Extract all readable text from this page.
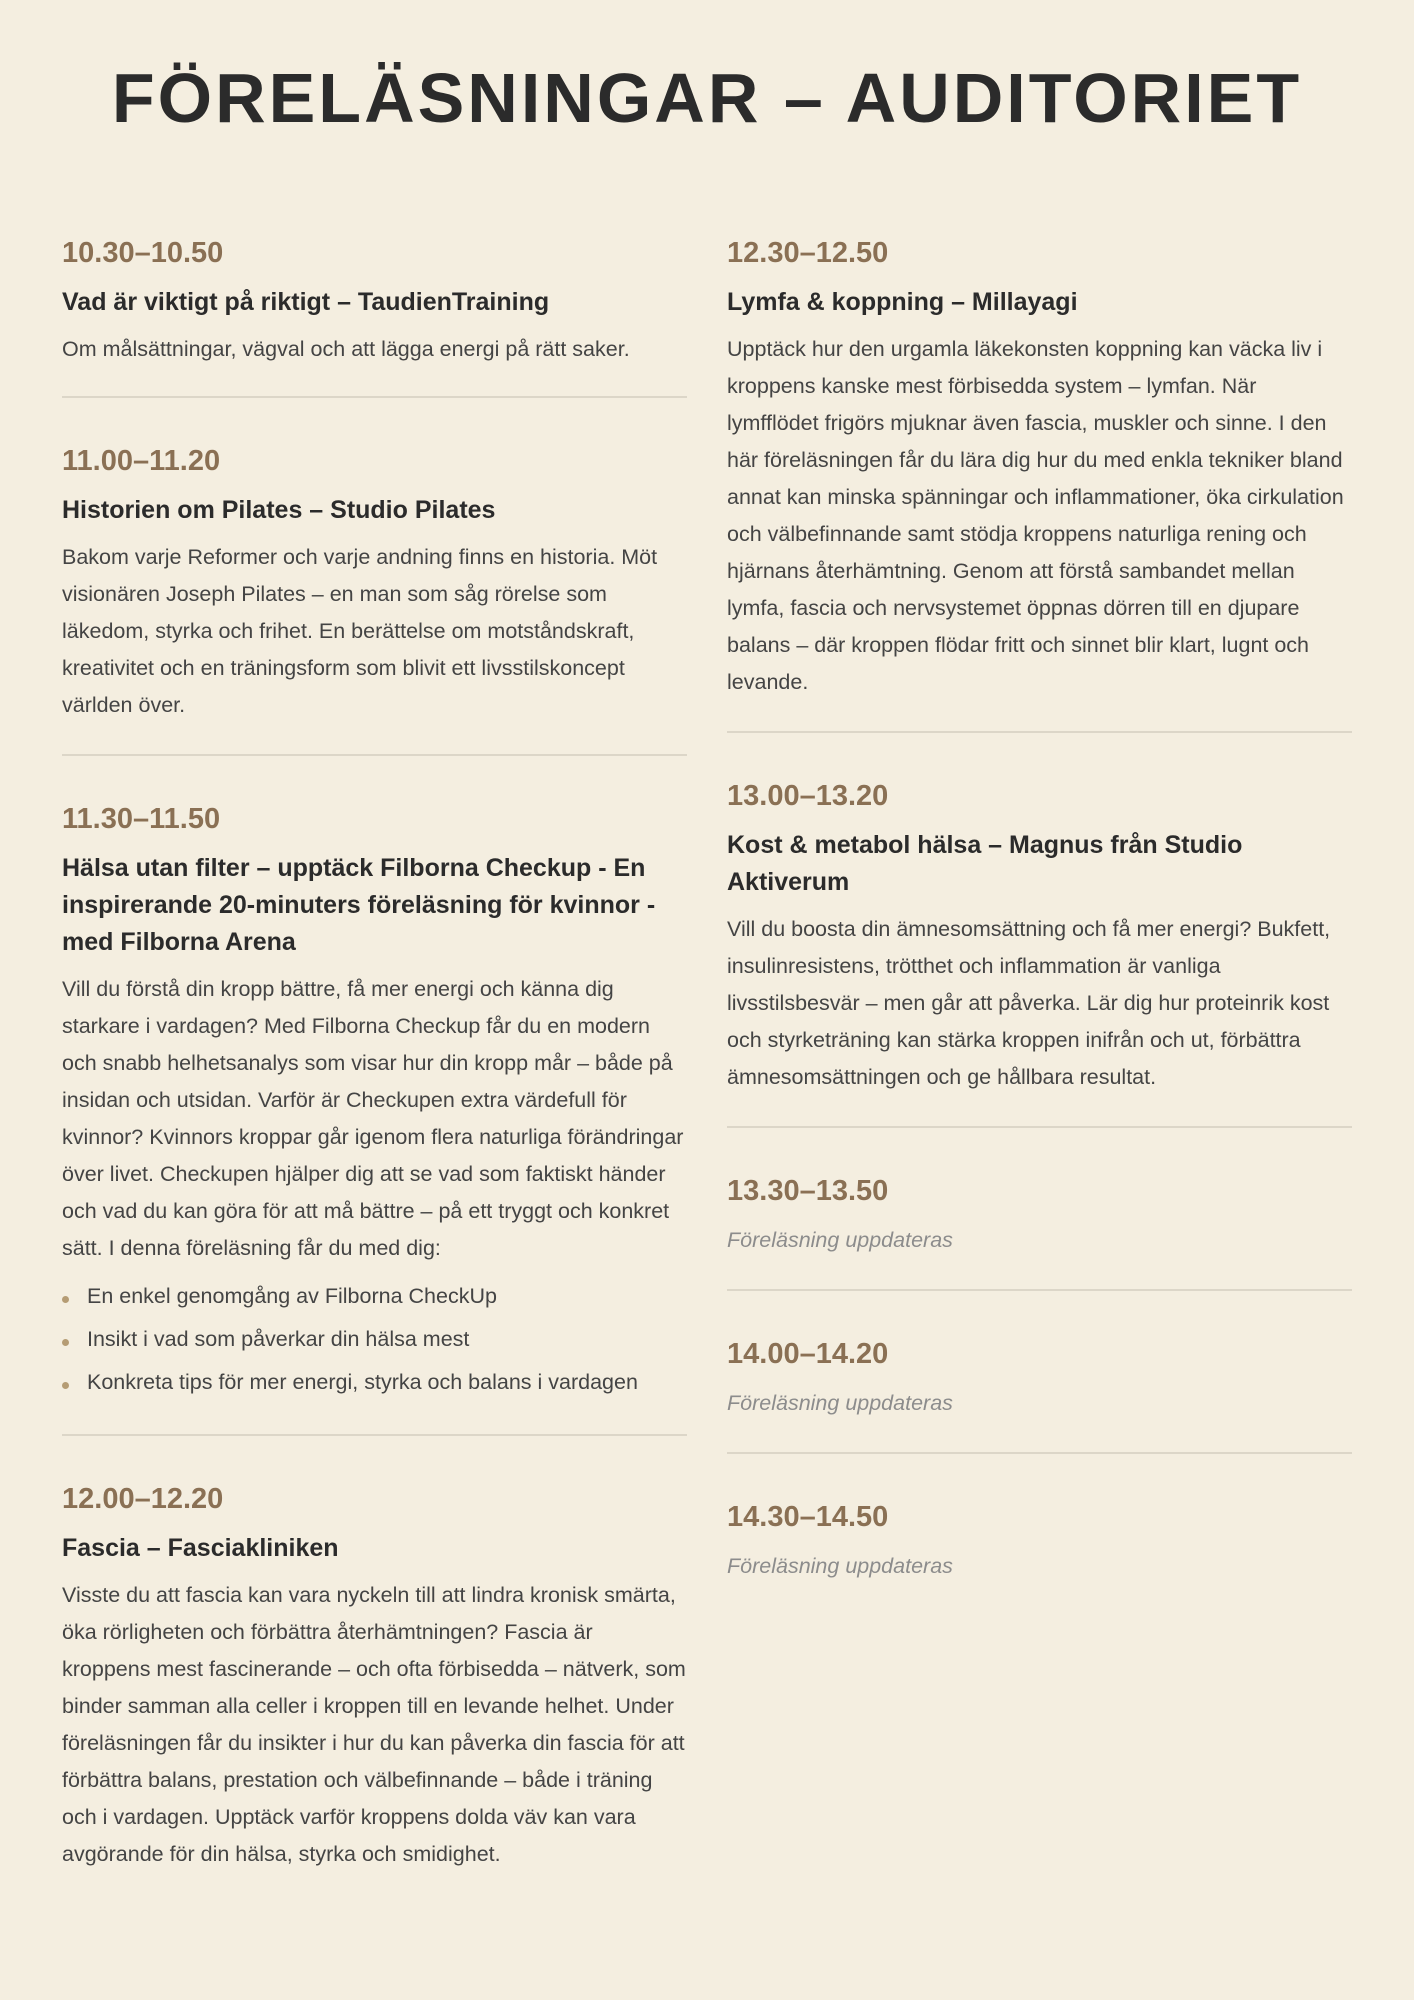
FÖRELÄSNINGAR – AUDITORIET
10.30–10.50
Vad är viktigt på riktigt – TaudienTraining

Om målsättningar, vägval och att lägga energi på rätt saker.

11.00–11.20
Historien om Pilates – Studio Pilates

Bakom varje Reformer och varje andning finns en historia. Möt visionären Joseph Pilates – en man som såg rörelse som läkedom, styrka och frihet. En berättelse om motståndskraft, kreativitet och en träningsform som blivit ett livsstilskoncept världen över.

11.30–11.50
Hälsa utan filter – upptäck Filborna Checkup - En inspirerande 20-minuters föreläsning för kvinnor - med Filborna Arena

Vill du förstå din kropp bättre, få mer energi och känna dig starkare i vardagen? Med Filborna Checkup får du en modern och snabb helhetsanalys som visar hur din kropp mår – både på insidan och utsidan. Varför är Checkupen extra värdefull för kvinnor? Kvinnors kroppar går igenom flera naturliga förändringar över livet. Checkupen hjälper dig att se vad som faktiskt händer och vad du kan göra för att må bättre – på ett tryggt och konkret sätt. I denna föreläsning får du med dig:

En enkel genomgång av Filborna CheckUp
Insikt i vad som påverkar din hälsa mest
Konkreta tips för mer energi, styrka och balans i vardagen
12.00–12.20
Fascia – Fasciakliniken

Visste du att fascia kan vara nyckeln till att lindra kronisk smärta, öka rörligheten och förbättra återhämtningen? Fascia är kroppens mest fascinerande – och ofta förbisedda – nätverk, som binder samman alla celler i kroppen till en levande helhet. Under föreläsningen får du insikter i hur du kan påverka din fascia för att förbättra balans, prestation och välbefinnande – både i träning och i vardagen. Upptäck varför kroppens dolda väv kan vara avgörande för din hälsa, styrka och smidighet.

12.30–12.50
Lymfa & koppning – Millayagi

Upptäck hur den urgamla läkekonsten koppning kan väcka liv i kroppens kanske mest förbisedda system – lymfan. När lymfflödet frigörs mjuknar även fascia, muskler och sinne. I den här föreläsningen får du lära dig hur du med enkla tekniker bland annat kan minska spänningar och inflammationer, öka cirkulation och välbefinnande samt stödja kroppens naturliga rening och hjärnans återhämtning. Genom att förstå sambandet mellan lymfa, fascia och nervsystemet öppnas dörren till en djupare balans – där kroppen flödar fritt och sinnet blir klart, lugnt och levande.

13.00–13.20
Kost & metabol hälsa – Magnus från Studio Aktiverum

Vill du boosta din ämnesomsättning och få mer energi? Bukfett, insulinresistens, trötthet och inflammation är vanliga livsstilsbesvär – men går att påverka. Lär dig hur proteinrik kost och styrketräning kan stärka kroppen inifrån och ut, förbättra ämnesomsättningen och ge hållbara resultat.

13.30–13.50

Föreläsning uppdateras

14.00–14.20

Föreläsning uppdateras

14.30–14.50

Föreläsning uppdateras
